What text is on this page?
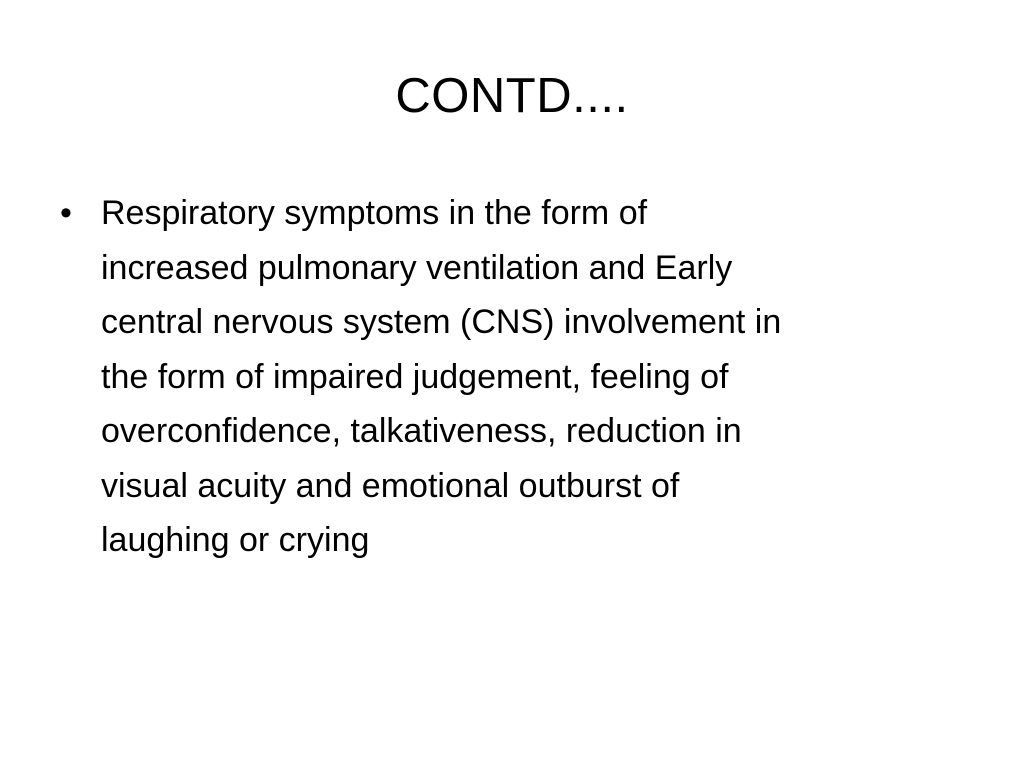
CONTD....
• Respiratory symptoms in the form of
increased pulmonary ventilation and Early
central nervous system (CNS) involvement in
the form of impaired judgement, feeling of
overconfidence, talkativeness, reduction in
visual acuity and emotional outburst of
laughing or crying
